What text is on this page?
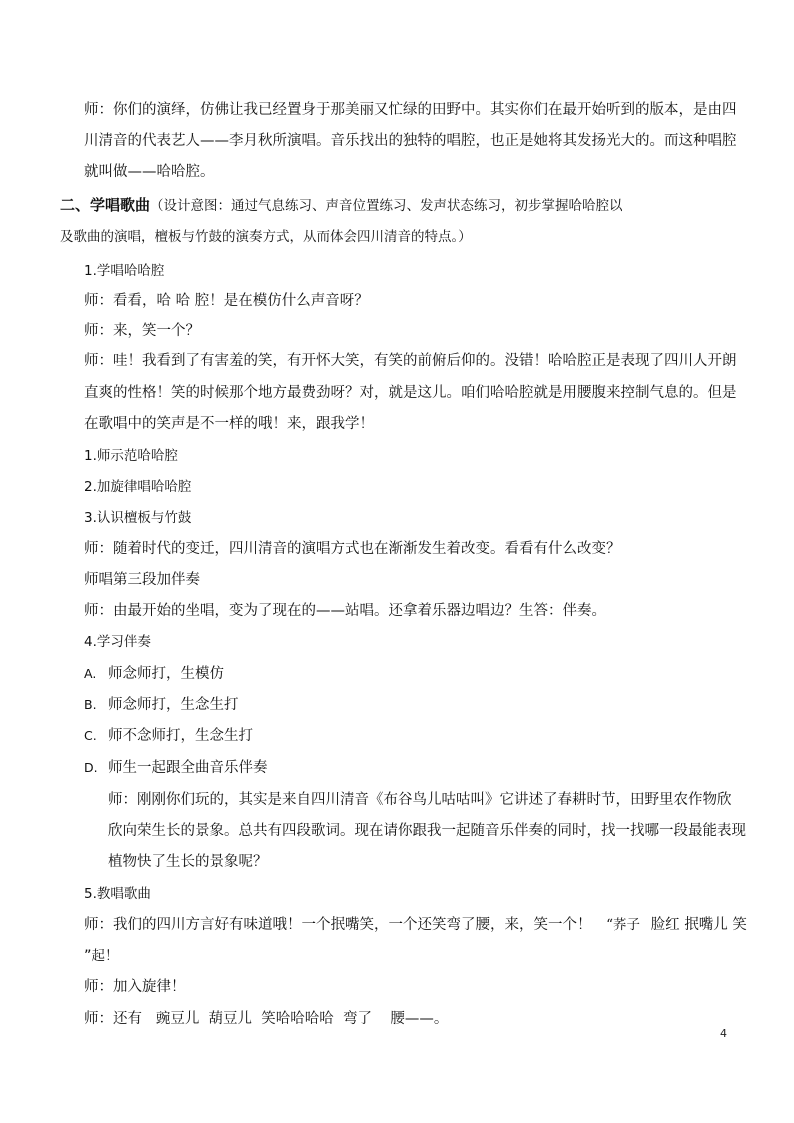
师：你们的演绎，仿佛让我已经置身于那美丽又忙绿的田野中。其实你们在最开始听到的版本，是由四
川清音的代表艺人——李月秋所演唱。音乐找出的独特的唱腔，也正是她将其发扬光大的。而这种唱腔
就叫做——哈哈腔。
二、学唱歌曲（设计意图：通过气息练习、声音位置练习、发声状态练习，初步掌握哈哈腔以
及歌曲的演唱，檀板与竹鼓的演奏方式，从而体会四川清音的特点。）
1.学唱哈哈腔
师：看看，哈 哈 腔！是在模仿什么声音呀？
师：来，笑一个？
师：哇！我看到了有害羞的笑，有开怀大笑，有笑的前俯后仰的。没错！哈哈腔正是表现了四川人开朗
直爽的性格！笑的时候那个地方最费劲呀？对，就是这儿。咱们哈哈腔就是用腰腹来控制气息的。但是
在歌唱中的笑声是不一样的哦！来，跟我学！
1.师示范哈哈腔
2.加旋律唱哈哈腔
3.认识檀板与竹鼓
师：随着时代的变迁，四川清音的演唱方式也在渐渐发生着改变。看看有什么改变？
师唱第三段加伴奏
师：由最开始的坐唱，变为了现在的——站唱。还拿着乐器边唱边？生答：伴奏。
4.学习伴奏
A. 师念师打，生模仿
B. 师念师打，生念生打
C. 师不念师打，生念生打
D. 师生一起跟全曲音乐伴奏
师：刚刚你们玩的，其实是来自四川清音《布谷鸟儿咕咕叫》它讲述了春耕时节，田野里农作物欣
欣向荣生长的景象。总共有四段歌词。现在请你跟我一起随音乐伴奏的同时，找一找哪一段最能表现
植物快了生长的景象呢？
5.教唱歌曲
师：我们的四川方言好有味道哦！一个抿嘴笑，一个还笑弯了腰，来，笑一个！ “荞子 脸红 抿嘴儿 笑
”起！
师：加入旋律！
师：还有   豌豆儿  葫豆儿  笑哈哈哈哈  弯了    腰——。
4
